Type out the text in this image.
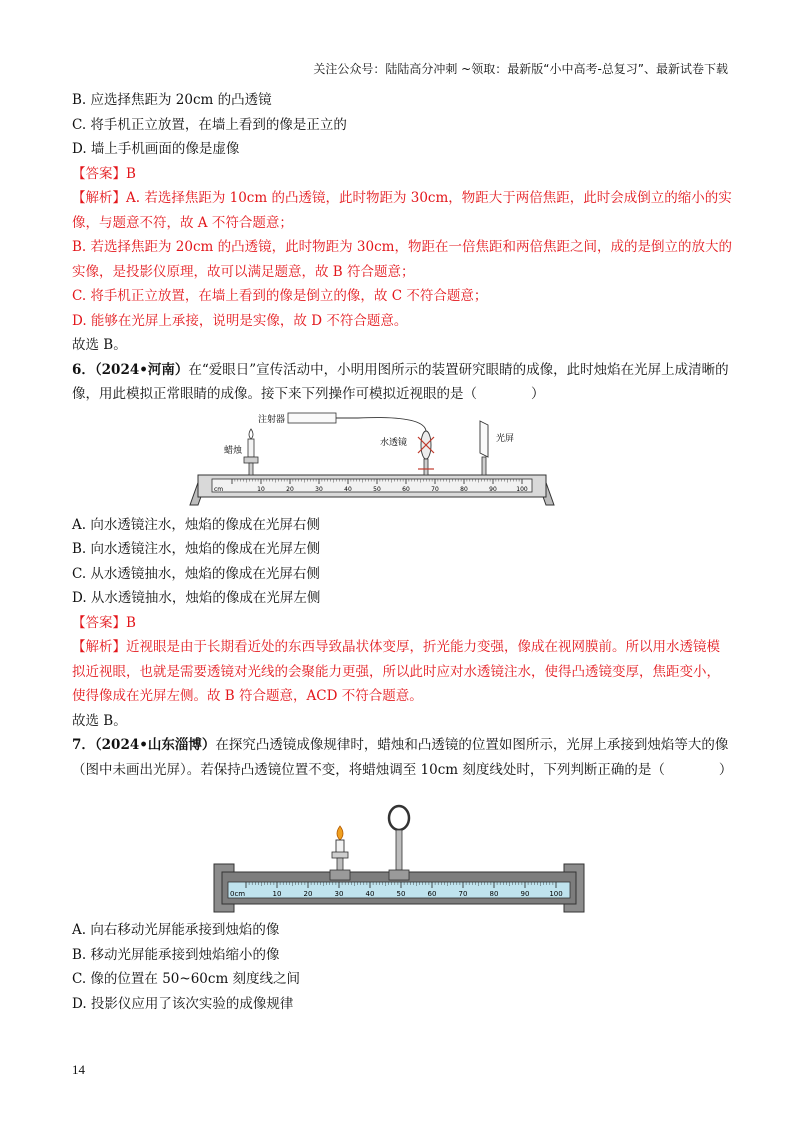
关注公众号：陆陆高分冲刺 ~领取：最新版“小中高考-总复习”、最新试卷下载
B. 应选择焦距为 20cm 的凸透镜
C. 将手机正立放置，在墙上看到的像是正立的
D. 墙上手机画面的像是虚像
【答案】B
【解析】A. 若选择焦距为 10cm 的凸透镜，此时物距为 30cm，物距大于两倍焦距，此时会成倒立的缩小的实像，与题意不符，故 A 不符合题意；
B. 若选择焦距为 20cm 的凸透镜，此时物距为 30cm，物距在一倍焦距和两倍焦距之间，成的是倒立的放大的实像，是投影仪原理，故可以满足题意，故 B 符合题意；
C. 将手机正立放置，在墙上看到的像是倒立的像，故 C 不符合题意；
D. 能够在光屏上承接，说明是实像，故 D 不符合题意。
故选 B。
6．（2024•河南）在“爱眼日”宣传活动中，小明用图所示的装置研究眼睛的成像，此时烛焰在光屏上成清晰的像，用此模拟正常眼睛的成像。接下来下列操作可模拟近视眼的是（　　　　）
10	20	30	40	50	60	70	80	90	100
cm
蜡烛
注射器
水透镜	光屏
A. 向水透镜注水，烛焰的像成在光屏右侧
B. 向水透镜注水，烛焰的像成在光屏左侧
C. 从水透镜抽水，烛焰的像成在光屏右侧
D. 从水透镜抽水，烛焰的像成在光屏左侧
【答案】B
【解析】近视眼是由于长期看近处的东西导致晶状体变厚，折光能力变强，像成在视网膜前。所以用水透镜模拟近视眼，也就是需要透镜对光线的会聚能力更强，所以此时应对水透镜注水，使得凸透镜变厚，焦距变小，使得像成在光屏左侧。故 B 符合题意，ACD 不符合题意。
故选 B。
7．（2024•山东淄博）在探究凸透镜成像规律时，蜡烛和凸透镜的位置如图所示，光屏上承接到烛焰等大的像（图中未画出光屏）。若保持凸透镜位置不变，将蜡烛调至 10cm 刻度线处时，下列判断正确的是（　　　　）
10	20	30	40	50	60	70	80	90	100
0cm
A. 向右移动光屏能承接到烛焰的像
B. 移动光屏能承接到烛焰缩小的像
C. 像的位置在 50~60cm 刻度线之间
D. 投影仪应用了该次实验的成像规律
14
